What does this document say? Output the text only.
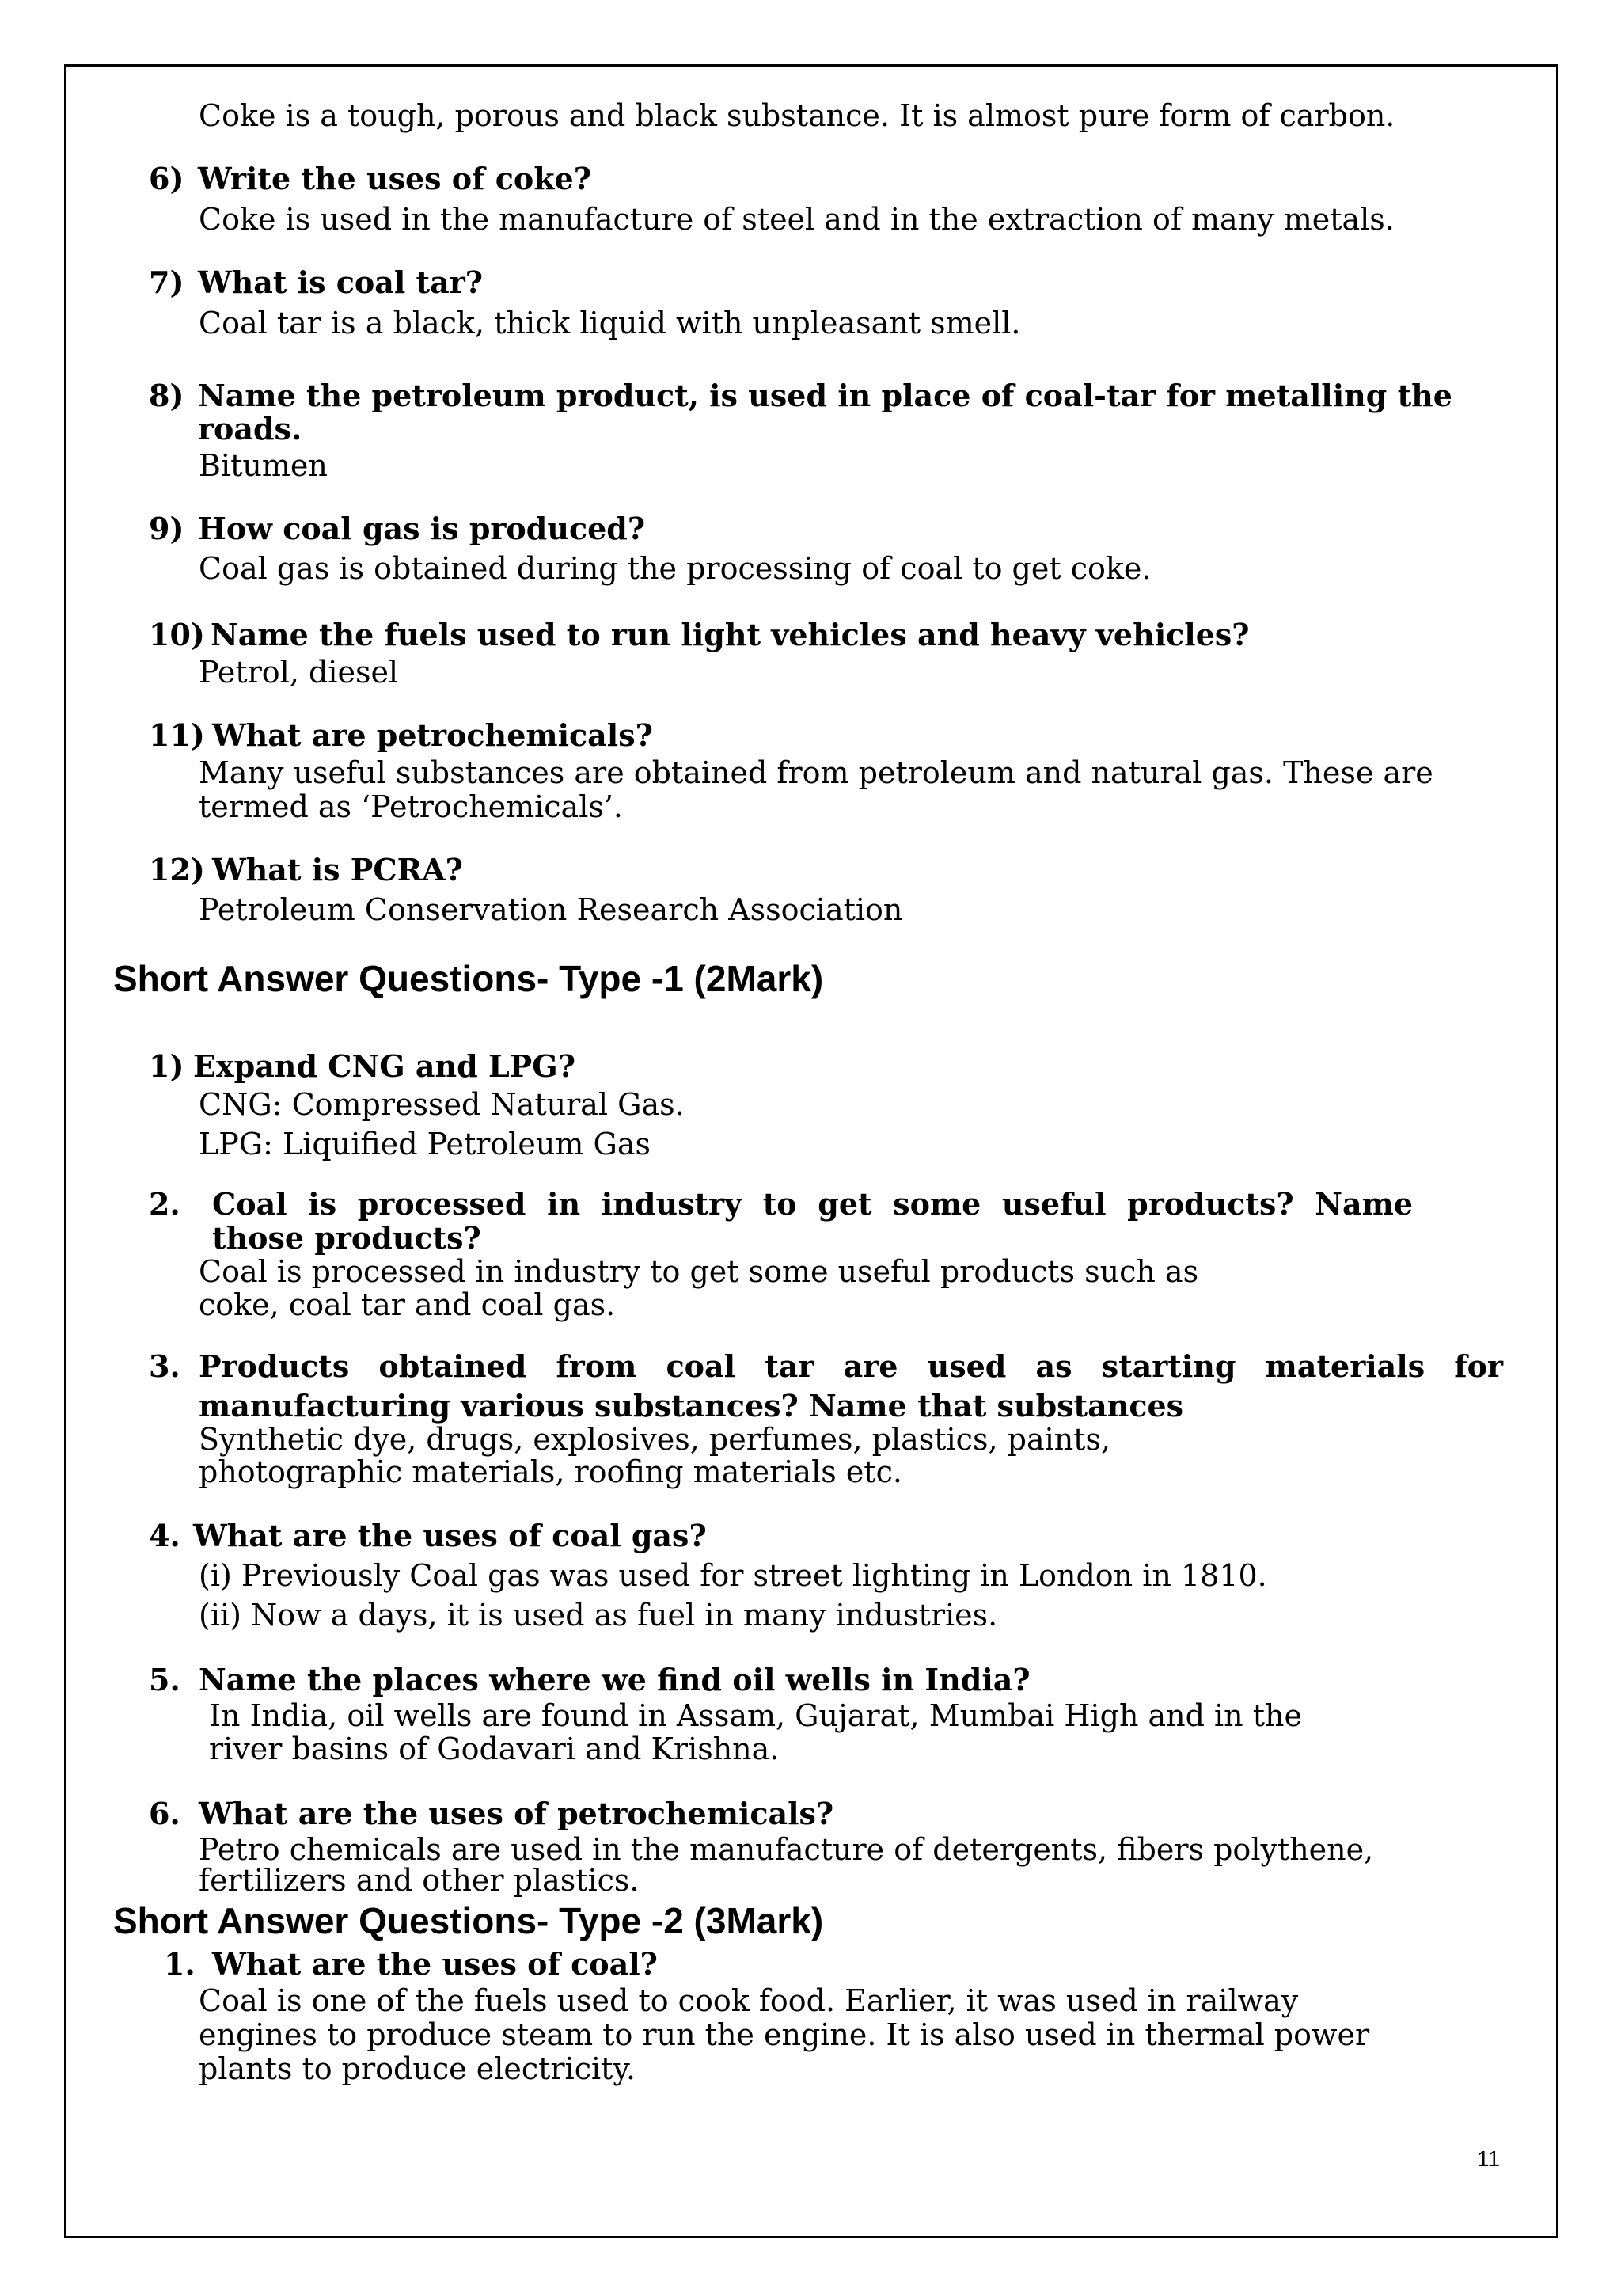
Coke is a tough, porous and black substance. It is almost pure form of carbon.
6) Write the uses of coke?
Coke is used in the manufacture of steel and in the extraction of many metals.
7) What is coal tar?
Coal tar is a black, thick liquid with unpleasant smell.
8) Name the petroleum product, is used in place of coal-tar for metalling the
roads.
Bitumen
9) How coal gas is produced?
Coal gas is obtained during the processing of coal to get coke.
10) Name the fuels used to run light vehicles and heavy vehicles?
Petrol, diesel
11) What are petrochemicals?
Many useful substances are obtained from petroleum and natural gas. These are
termed as ‘Petrochemicals’.
12) What is PCRA?
Petroleum Conservation Research Association
Short Answer Questions- Type -1 (2Mark)
1) Expand CNG and LPG?
CNG: Compressed Natural Gas.
LPG: Liquified Petroleum Gas
2. Coal is processed in industry to get some useful products? Name
those products?
Coal is processed in industry to get some useful products such as
coke, coal tar and coal gas.
3. Products obtained from coal tar are used as starting materials for
manufacturing various substances? Name that substances
Synthetic dye, drugs, explosives, perfumes, plastics, paints,
photographic materials, roofing materials etc.
4. What are the uses of coal gas?
(i) Previously Coal gas was used for street lighting in London in 1810.
(ii) Now a days, it is used as fuel in many industries.
5. Name the places where we find oil wells in India?
In India, oil wells are found in Assam, Gujarat, Mumbai High and in the
river basins of Godavari and Krishna.
6. What are the uses of petrochemicals?
Petro chemicals are used in the manufacture of detergents, fibers polythene,
fertilizers and other plastics.
Short Answer Questions- Type -2 (3Mark)
1. What are the uses of coal?
Coal is one of the fuels used to cook food. Earlier, it was used in railway
engines to produce steam to run the engine. It is also used in thermal power
plants to produce electricity.
11
